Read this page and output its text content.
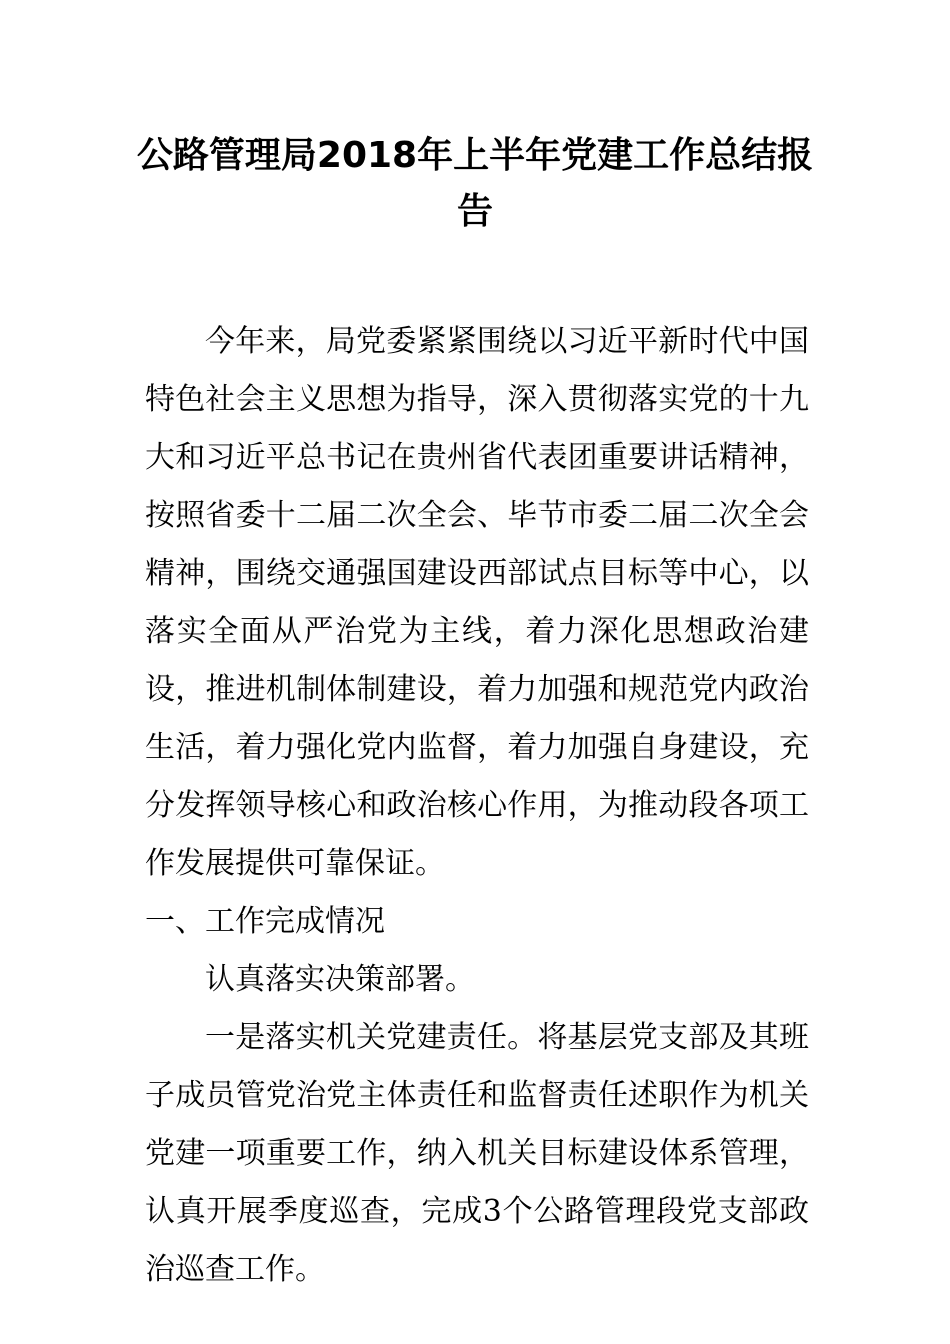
公路管理局2018年上半年党建工作总结报告

今年来，局党委紧紧围绕以习近平新时代中国特色社会主义思想为指导，深入贯彻落实党的十九大和习近平总书记在贵州省代表团重要讲话精神，按照省委十二届二次全会、毕节市委二届二次全会精神，围绕交通强国建设西部试点目标等中心，以落实全面从严治党为主线，着力深化思想政治建设，推进机制体制建设，着力加强和规范党内政治生活，着力强化党内监督，着力加强自身建设，充分发挥领导核心和政治核心作用，为推动段各项工作发展提供可靠保证。

一、工作完成情况

认真落实决策部署。

一是落实机关党建责任。将基层党支部及其班子成员管党治党主体责任和监督责任述职作为机关党建一项重要工作，纳入机关目标建设体系管理，认真开展季度巡查，完成3个公路管理段党支部政治巡查工作。
